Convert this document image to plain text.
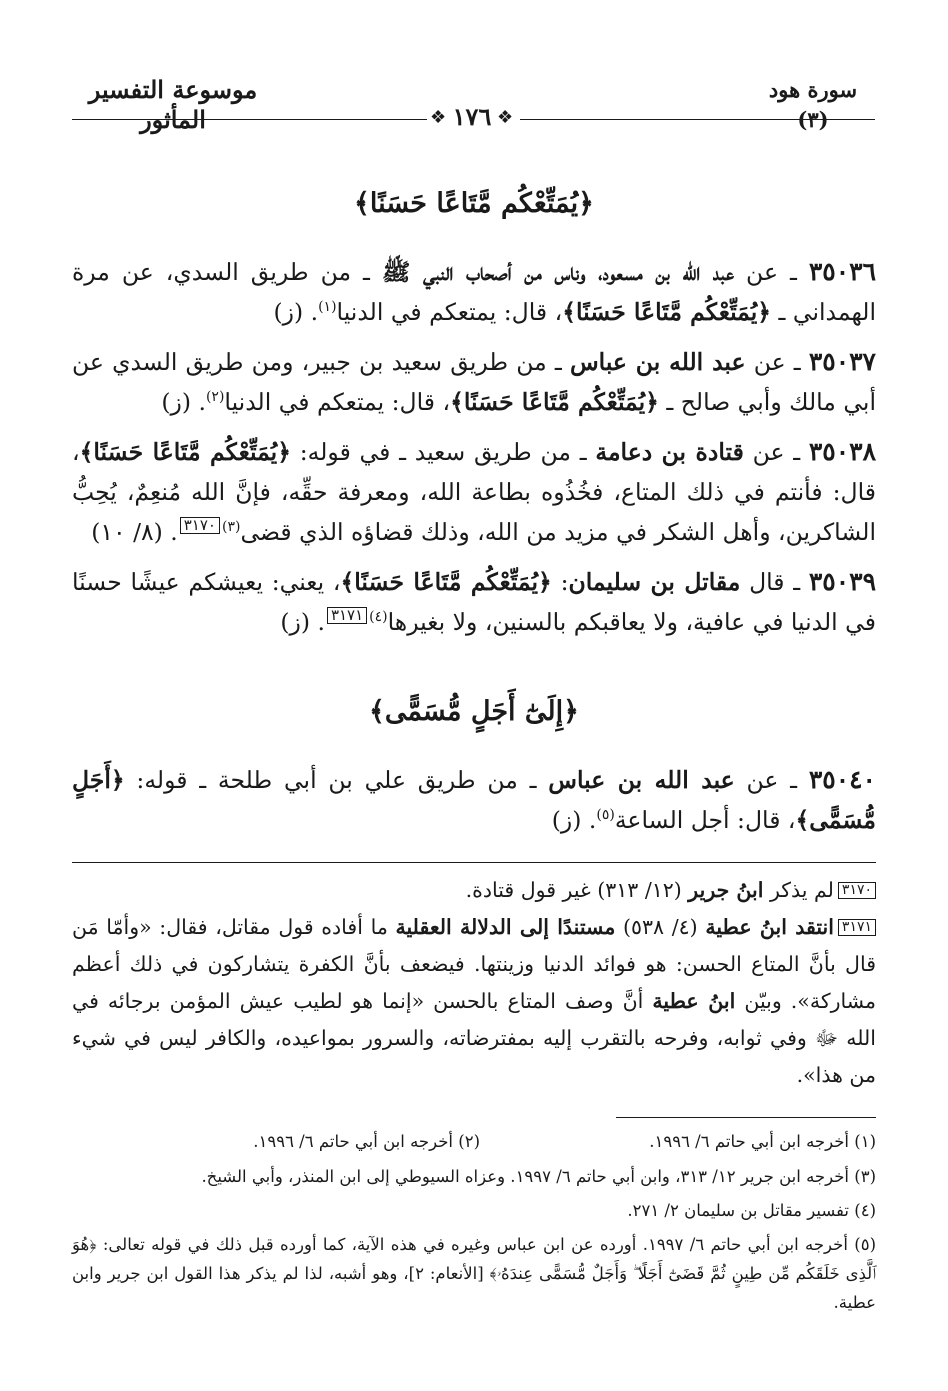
موسوعة التفسير المأثور
سورة هود (٣)
❖ ١٧٦ ❖
﴿يُمَتِّعْكُم مَّتَاعًا حَسَنًا﴾
٣٥٠٣٦ ـ عن عبد الله بن مسعود، وناس من أصحاب النبي ﷺ ـ من طريق السدي، عن مرة الهمداني ـ ﴿يُمَتِّعْكُم مَّتَاعًا حَسَنًا﴾، قال: يمتعكم في الدنيا$^{(١)}$. (ز)
٣٥٠٣٧ ـ عن عبد الله بن عباس ـ من طريق سعيد بن جبير، ومن طريق السدي عن أبي مالك وأبي صالح ـ ﴿يُمَتِّعْكُم مَّتَاعًا حَسَنًا﴾، قال: يمتعكم في الدنيا$^{(٢)}$. (ز)
٣٥٠٣٨ ـ عن قتادة بن دعامة ـ من طريق سعيد ـ في قوله: ﴿يُمَتِّعْكُم مَّتَاعًا حَسَنًا﴾، قال: فأنتم في ذلك المتاع، فخُذُوه بطاعة الله، ومعرفة حقِّه، فإنَّ الله مُنعِمٌ، يُحِبُّ الشاكرين، وأهل الشكر في مزيد من الله، وذلك قضاؤه الذي قضى$^{(٣)}$٣١٧٠. (٨/ ١٠)
٣٥٠٣٩ ـ قال مقاتل بن سليمان: ﴿يُمَتِّعْكُم مَّتَاعًا حَسَنًا﴾، يعني: يعيشكم عيشًا حسنًا في الدنيا في عافية، ولا يعاقبكم بالسنين، ولا بغيرها$^{(٤)}$٣١٧١. (ز)
﴿إِلَىٰٓ أَجَلٍ مُّسَمًّى﴾
٣٥٠٤٠ ـ عن عبد الله بن عباس ـ من طريق علي بن أبي طلحة ـ قوله: ﴿أَجَلٍ مُّسَمًّى﴾، قال: أجل الساعة$^{(٥)}$. (ز)
٣١٧٠لم يذكر ابنُ جرير (١٢/ ٣١٣) غير قول قتادة.
٣١٧١انتقد ابنُ عطية (٤/ ٥٣٨) مستندًا إلى الدلالة العقلية ما أفاده قول مقاتل، فقال: «وأمّا مَن قال بأنَّ المتاع الحسن: هو فوائد الدنيا وزينتها. فيضعف بأنَّ الكفرة يتشاركون في ذلك أعظم مشاركة». وبيّن ابنُ عطية أنَّ وصف المتاع بالحسن «إنما هو لطيب عيش المؤمن برجائه في الله ﷻ وفي ثوابه، وفرحه بالتقرب إليه بمفترضاته، والسرور بمواعيده، والكافر ليس في شيء من هذا».
(١) أخرجه ابن أبي حاتم ٦/ ١٩٩٦.
(٢) أخرجه ابن أبي حاتم ٦/ ١٩٩٦.
(٣) أخرجه ابن جرير ١٢/ ٣١٣، وابن أبي حاتم ٦/ ١٩٩٧. وعزاه السيوطي إلى ابن المنذر، وأبي الشيخ.
(٤) تفسير مقاتل بن سليمان ٢/ ٢٧١.
(٥) أخرجه ابن أبي حاتم ٦/ ١٩٩٧. أورده عن ابن عباس وغيره في هذه الآية، كما أورده قبل ذلك في قوله تعالى: ﴿هُوَ ٱلَّذِى خَلَقَكُم مِّن طِينٍ ثُمَّ قَضَىٰٓ أَجَلًا ۖ وَأَجَلٌ مُّسَمًّى عِندَهُۥ﴾ [الأنعام: ٢]، وهو أشبه، لذا لم يذكر هذا القول ابن جرير وابن عطية.
